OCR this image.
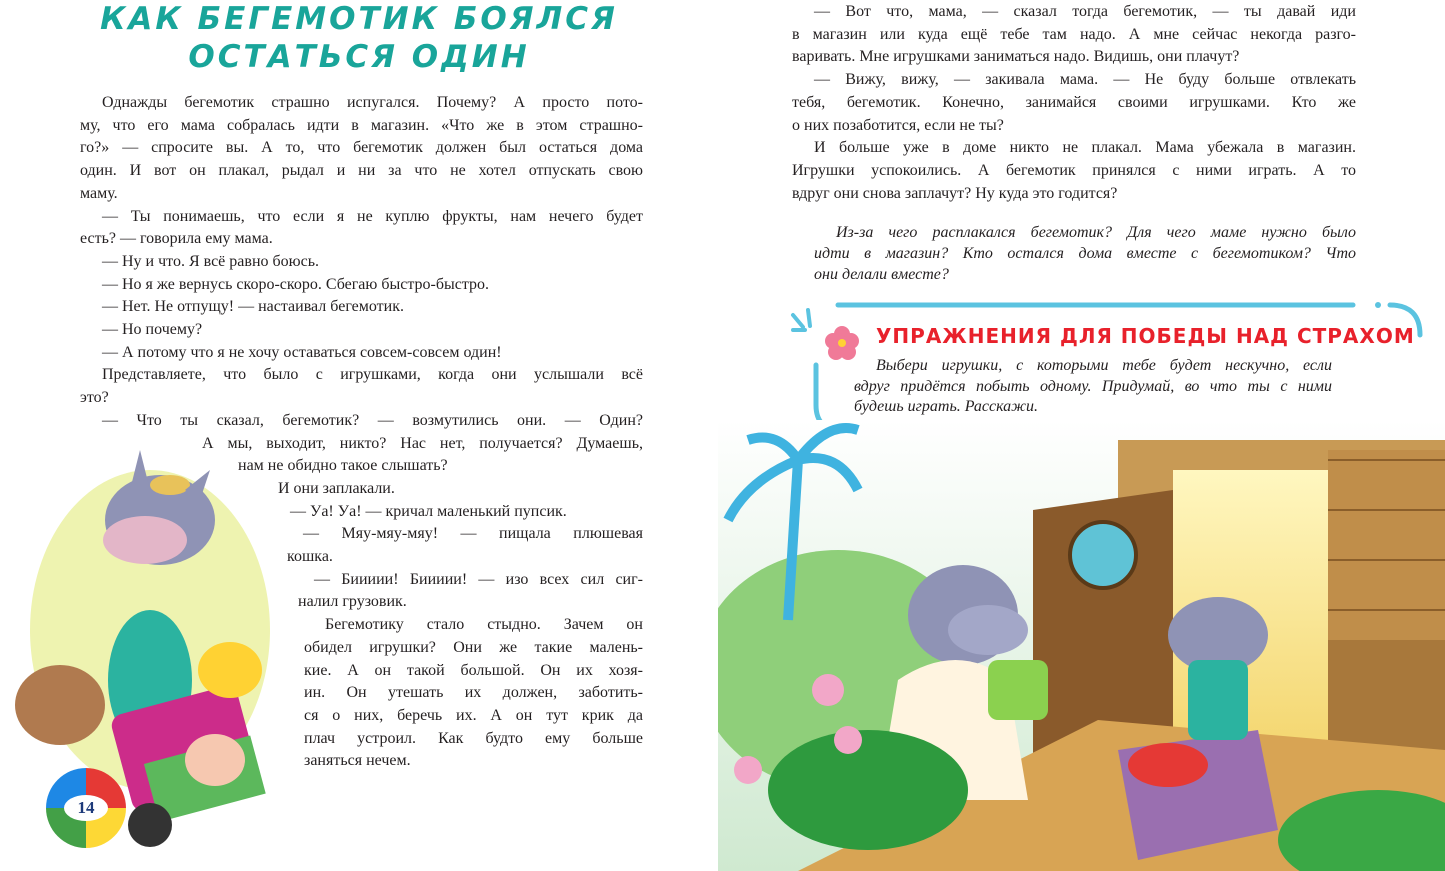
КАК БЕГЕМОТИК БОЯЛСЯ
ОСТАТЬСЯ ОДИН
Однажды бегемотик страшно испугался. Почему? А просто пото-
му, что его мама собралась идти в магазин. «Что же в этом страшно-
го?» — спросите вы. А то, что бегемотик должен был остаться дома
один. И вот он плакал, рыдал и ни за что не хотел отпускать свою
маму.
— Ты понимаешь, что если я не куплю фрукты, нам нечего будет
есть? — говорила ему мама.
— Ну и что. Я всё равно боюсь.
— Но я же вернусь скоро-скоро. Сбегаю быстро-быстро.
— Нет. Не отпущу! — настаивал бегемотик.
— Но почему?
— А потому что я не хочу оставаться совсем-совсем один!
Представляете, что было с игрушками, когда они услышали всё
это?
— Что ты сказал, бегемотик? — возмутились они. — Один?
А мы, выходит, никто? Нас нет, получается? Думаешь,
нам не обидно такое слышать?
И они заплакали.
— Уа! Уа! — кричал маленький пупсик.
— Мяу-мяу-мяу! — пищала плюшевая
кошка.
— Биииии! Биииии! — изо всех сил сиг-
налил грузовик.
Бегемотику стало стыдно. Зачем он
обидел игрушки? Они же такие малень-
кие. А он такой большой. Он их хозя-
ин. Он утешать их должен, заботить-
ся о них, беречь их. А он тут крик да
плач устроил. Как будто ему больше
заняться нечем.
14
— Вот что, мама, — сказал тогда бегемотик, — ты давай иди
в магазин или куда ещё тебе там надо. А мне сейчас некогда разго-
варивать. Мне игрушками заниматься надо. Видишь, они плачут?
— Вижу, вижу, — закивала мама. — Не буду больше отвлекать
тебя, бегемотик. Конечно, занимайся своими игрушками. Кто же
о них позаботится, если не ты?
И больше уже в доме никто не плакал. Мама убежала в магазин.
Игрушки успокоились. А бегемотик принялся с ними играть. А то
вдруг они снова заплачут? Ну куда это годится?
Из-за чего расплакался бегемотик? Для чего маме нужно было
идти в магазин? Кто остался дома вместе с бегемотиком? Что
они делали вместе?
УПРАЖНЕНИЯ ДЛЯ ПОБЕДЫ НАД СТРАХОМ
Выбери игрушки, с которыми тебе будет нескучно, если
вдруг придётся побыть одному. Придумай, во что ты с ними
будешь играть. Расскажи.
